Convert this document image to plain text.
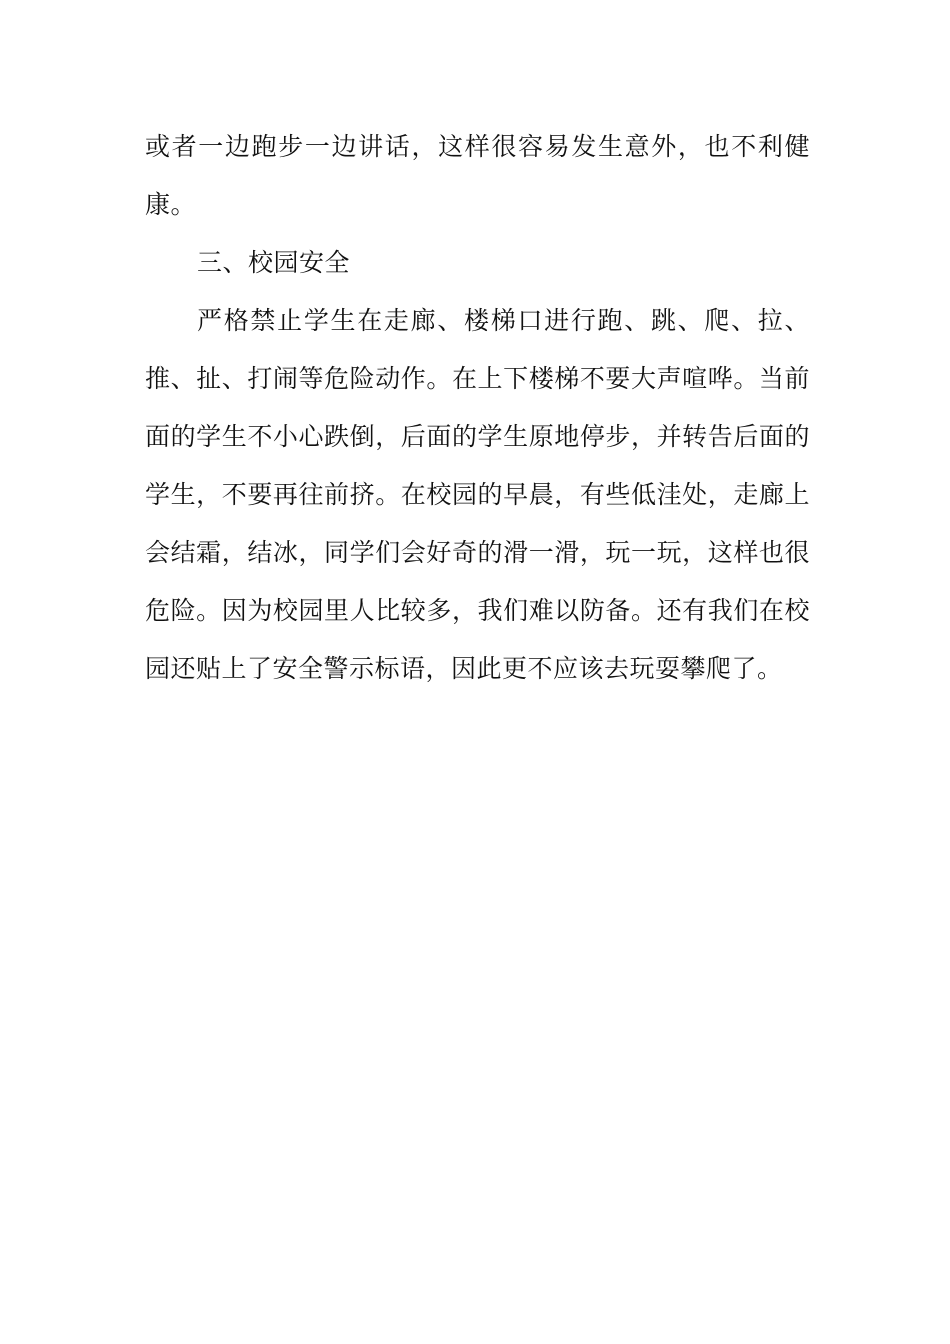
或者一边跑步一边讲话，这样很容易发生意外，也不利健康。

三、校园安全

严格禁止学生在走廊、楼梯口进行跑、跳、爬、拉、推、扯、打闹等危险动作。在上下楼梯不要大声喧哗。当前面的学生不小心跌倒，后面的学生原地停步，并转告后面的学生，不要再往前挤。在校园的早晨，有些低洼处，走廊上会结霜，结冰，同学们会好奇的滑一滑，玩一玩，这样也很危险。因为校园里人比较多，我们难以防备。还有我们在校园还贴上了安全警示标语，因此更不应该去玩耍攀爬了。
